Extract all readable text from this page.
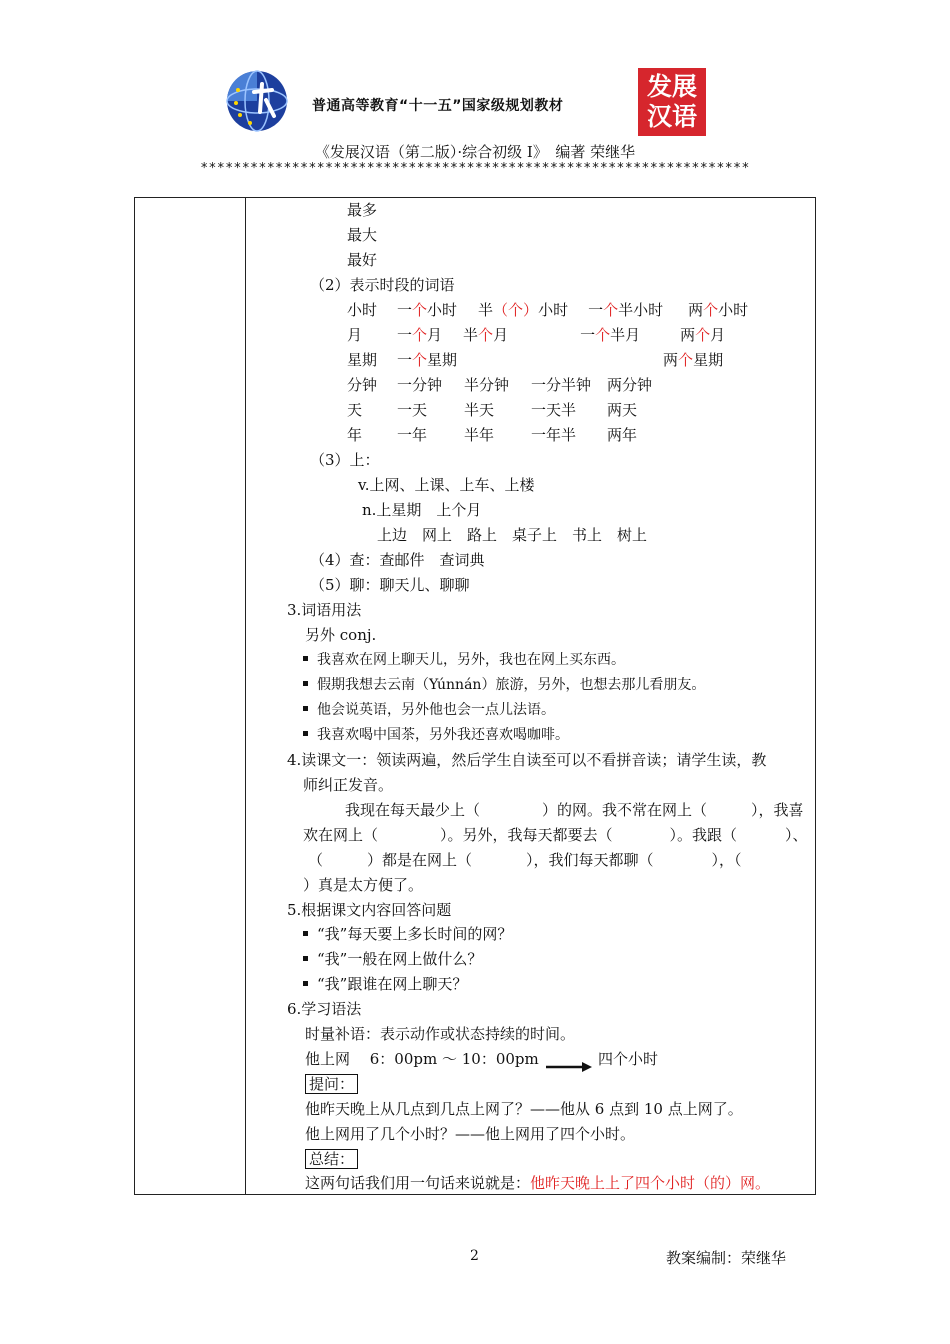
普通高等教育“十一五”国家级规划教材
发展
汉语
《发展汉语（第二版）·综合初级 I》　编著 荣继华
******************************************************************
最多
最大
最好
（2）表示时段的词语
小时 一个小时 半（个）小时 一个半小时 两个小时
月 一个月 半个月	一个半月	两个月
星期 一个星期	两个星期
分钟 一分钟 半分钟 一分半钟 两分钟
天 一天 半天 一天半 两天
年 一年 半年 一年半 两年
（3）上：
v.上网、上课、上车、上楼
n.上星期　上个月
上边　网上　路上　桌子上　书上　树上
（4）查：查邮件　查词典
（5）聊：聊天儿、聊聊
3.词语用法
另外 conj.
我喜欢在网上聊天儿，另外，我也在网上买东西。
假期我想去云南（Yúnnán）旅游，另外，也想去那儿看朋友。
他会说英语，另外他也会一点儿法语。
我喜欢喝中国茶，另外我还喜欢喝咖啡。
4.读课文一：领读两遍，然后学生自读至可以不看拼音读；请学生读，教
师纠正发音。
我现在每天最少上（	）的网。我不常在网上（	），我喜
欢在网上（	）。另外，我每天都要去（	）。我跟（	）、
（	）都是在网上（	），我们每天都聊（	），（
）真是太方便了。
5.根据课文内容回答问题
“我”每天要上多长时间的网？
“我”一般在网上做什么？
“我”跟谁在网上聊天？
6.学习语法
时量补语：表示动作或状态持续的时间。
他上网　 6：00pm ～ 10：00pm	四个小时
提问：
他昨天晚上从几点到几点上网了？——他从 6 点到 10 点上网了。
他上网用了几个小时？——他上网用了四个小时。
总结：
这两句话我们用一句话来说就是：他昨天晚上上了四个小时（的）网。
2	教案编制：荣继华
